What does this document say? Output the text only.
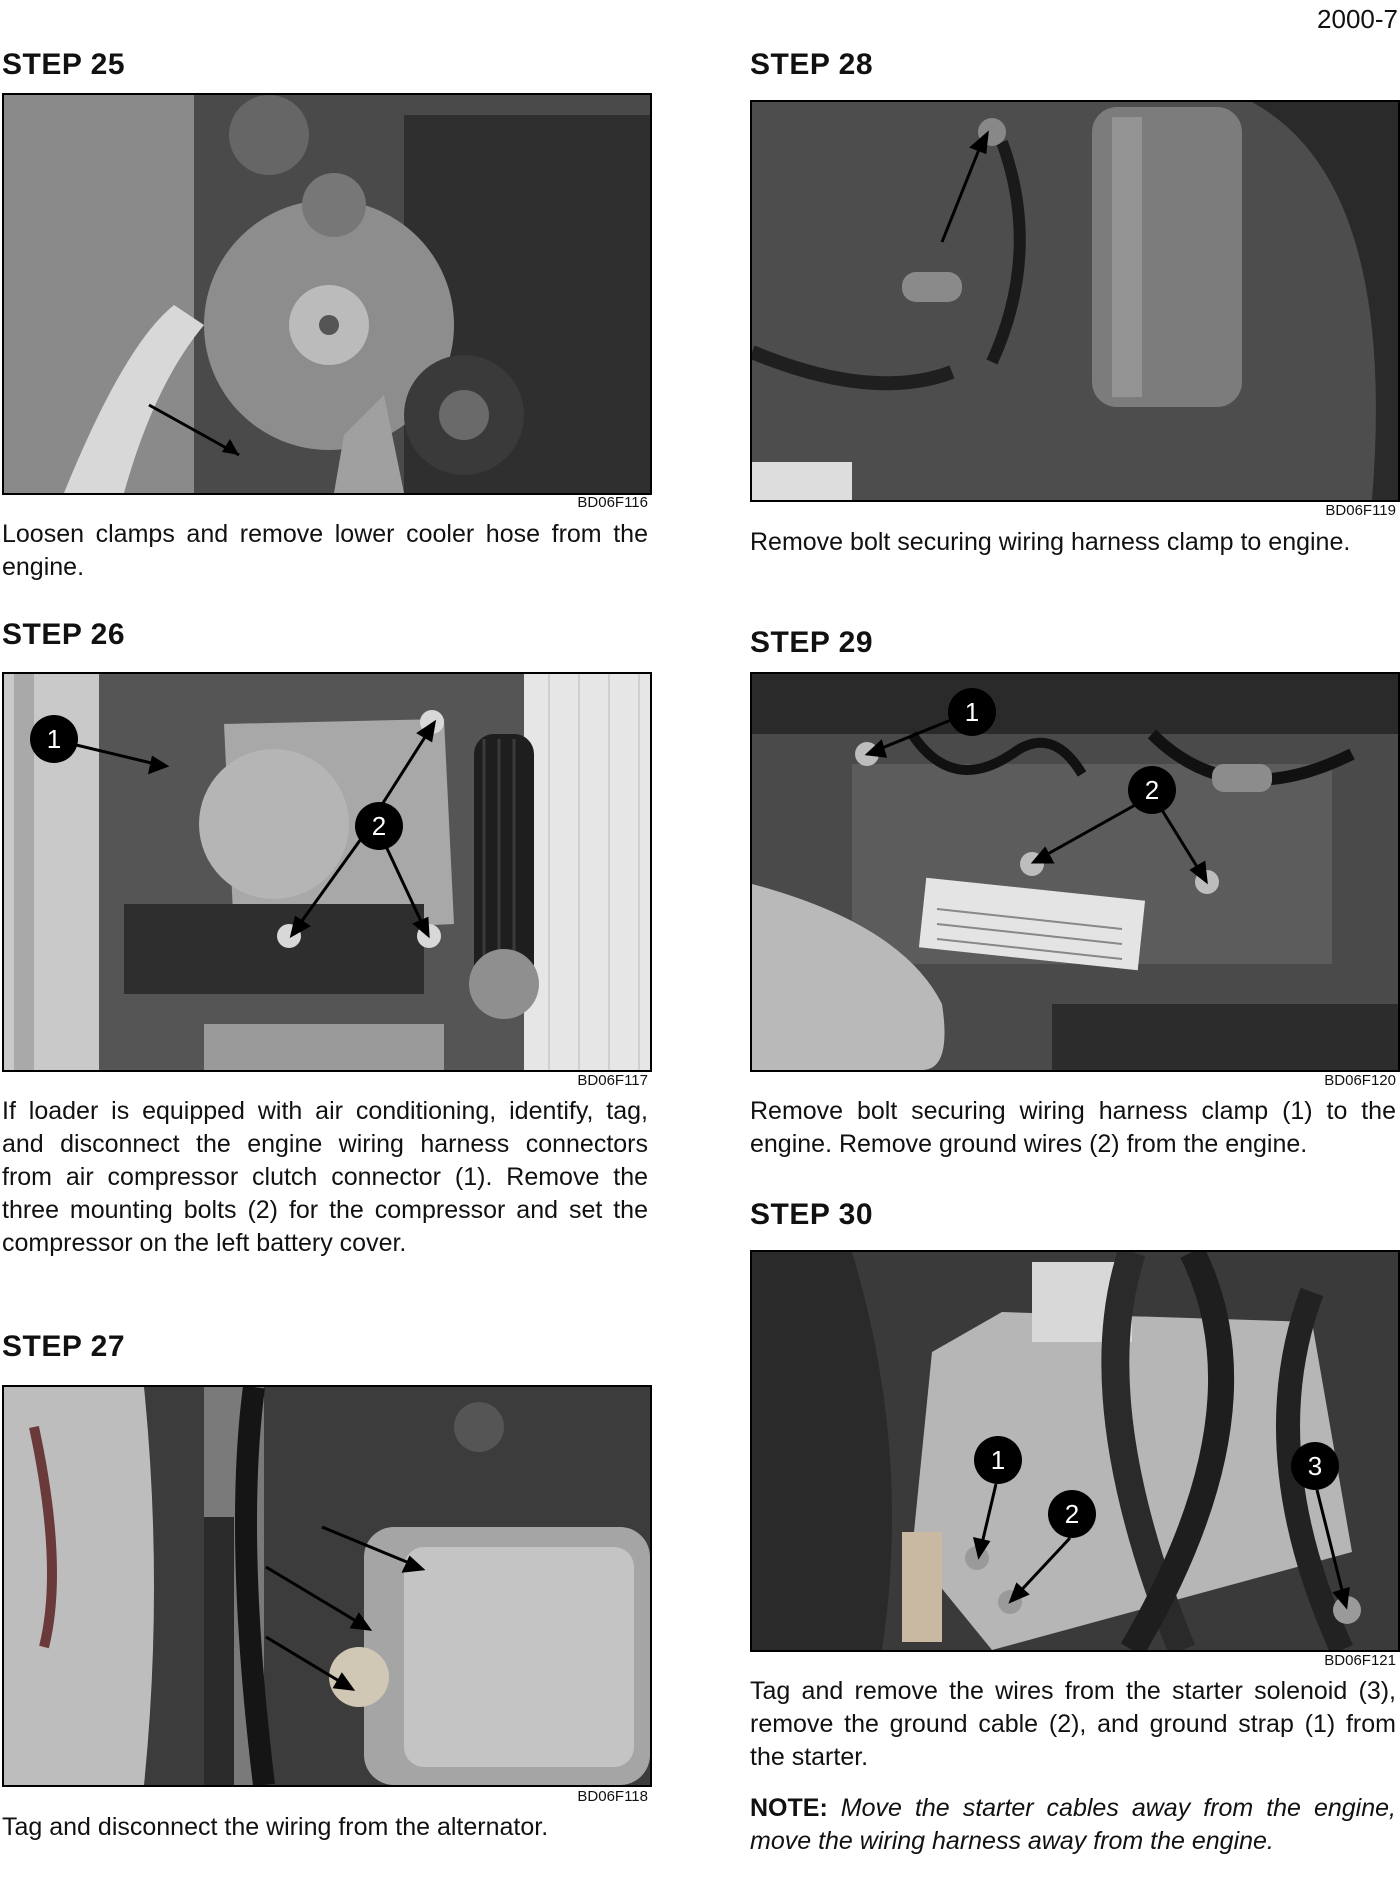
2000-7
STEP 25
BD06F116
Loosen clamps and remove lower cooler hose from the engine.
STEP 26
1
2
BD06F117
If loader is equipped with air conditioning, identify, tag, and disconnect the engine wiring harness connectors from air compressor clutch connector (1). Remove the three mounting bolts (2) for the compressor and set the compressor on the left battery cover.
STEP 27
BD06F118
Tag and disconnect the wiring from the alternator.
STEP 28
BD06F119
Remove bolt securing wiring harness clamp to engine.
STEP 29
1
2
BD06F120
Remove bolt securing wiring harness clamp (1) to the engine. Remove ground wires (2) from the engine.
STEP 30
1
2
3
BD06F121
Tag and remove the wires from the starter solenoid (3), remove the ground cable (2), and ground strap (1) from the starter.
NOTE: Move the starter cables away from the engine, move the wiring harness away from the engine.
